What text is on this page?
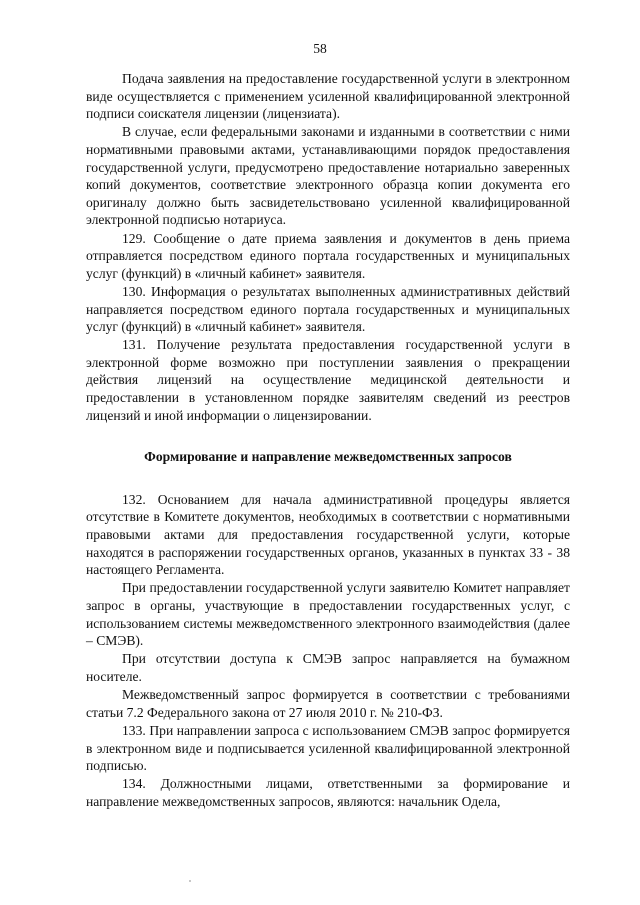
58

Подача заявления на предоставление государственной услуги в электронном виде осуществляется с применением усиленной квалифицированной электронной подписи соискателя лицензии (лицензиата).

В случае, если федеральными законами и изданными в соответствии с ними нормативными правовыми актами, устанавливающими порядок предоставления государственной услуги, предусмотрено предоставление нотариально заверенных копий документов, соответствие электронного образца копии документа его оригиналу должно быть засвидетельствовано усиленной квалифицированной электронной подписью нотариуса.

129. Сообщение о дате приема заявления и документов в день приема отправляется посредством единого портала государственных и муниципальных услуг (функций) в «личный кабинет» заявителя.

130. Информация о результатах выполненных административных действий направляется посредством единого портала государственных и муниципальных услуг (функций) в «личный кабинет» заявителя.

131. Получение результата предоставления государственной услуги в электронной форме возможно при поступлении заявления о прекращении действия лицензий на осуществление медицинской деятельности и предоставлении в установленном порядке заявителям сведений из реестров лицензий и иной информации о лицензировании.

Формирование и направление межведомственных запросов

132. Основанием для начала административной процедуры является отсутствие в Комитете документов, необходимых в соответствии с нормативными правовыми актами для предоставления государственной услуги, которые находятся в распоряжении государственных органов, указанных в пунктах 33 - 38 настоящего Регламента.

При предоставлении государственной услуги заявителю Комитет направляет запрос в органы, участвующие в предоставлении государственных услуг, с использованием системы межведомственного электронного взаимодействия (далее – СМЭВ).

При отсутствии доступа к СМЭВ запрос направляется на бумажном носителе.

Межведомственный запрос формируется в соответствии с требованиями статьи 7.2 Федерального закона от 27 июля 2010 г. № 210-ФЗ.

133. При направлении запроса с использованием СМЭВ запрос формируется в электронном виде и подписывается усиленной квалифицированной электронной подписью.

134. Должностными лицами, ответственными за формирование и направление межведомственных запросов, являются: начальник Одела,
